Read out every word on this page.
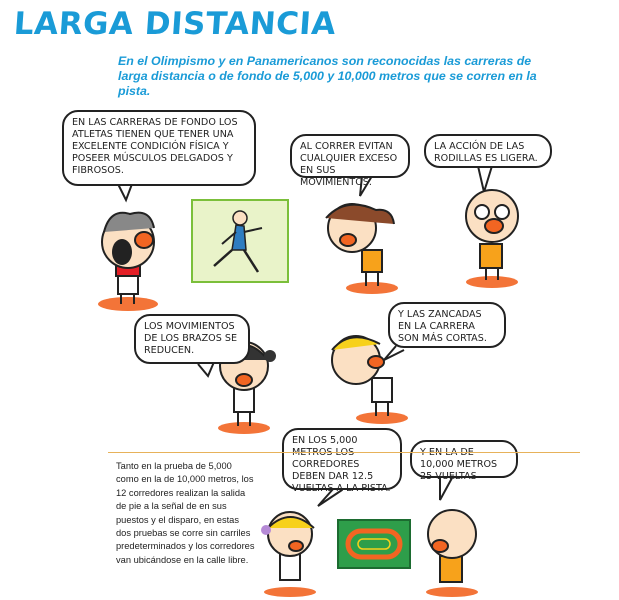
LARGA DISTANCIA

En el Olimpismo y en Panamericanos son reconocidas las carreras de larga distancia o de fondo de 5,000 y 10,000 metros que se corren en la pista.

EN LAS CARRERAS DE FONDO LOS ATLETAS TIENEN QUE TENER UNA EXCELENTE CONDICIÓN FÍSICA Y POSEER MÚSCULOS DELGADOS Y FIBROSOS.
AL CORRER EVITAN CUALQUIER EXCESO EN SUS MOVIMIENTOS.
LA ACCIÓN DE LAS RODILLAS ES LIGERA.
LOS MOVIMIENTOS DE LOS BRAZOS SE REDUCEN.
Y LAS ZANCADAS EN LA CARRERA SON MÁS CORTAS.
EN LOS 5,000 METROS LOS CORREDORES DEBEN DAR 12.5 VUELTAS A LA PISTA.
Y EN LA DE 10,000 METROS 25 VUELTAS

Tanto en la prueba de 5,000 como en la de 10,000 metros, los 12 corredores realizan la salida de pie a la señal de en sus puestos y el disparo, en estas dos pruebas se corre sin carriles predeterminados y los corredores van ubicándose en la calle libre.
